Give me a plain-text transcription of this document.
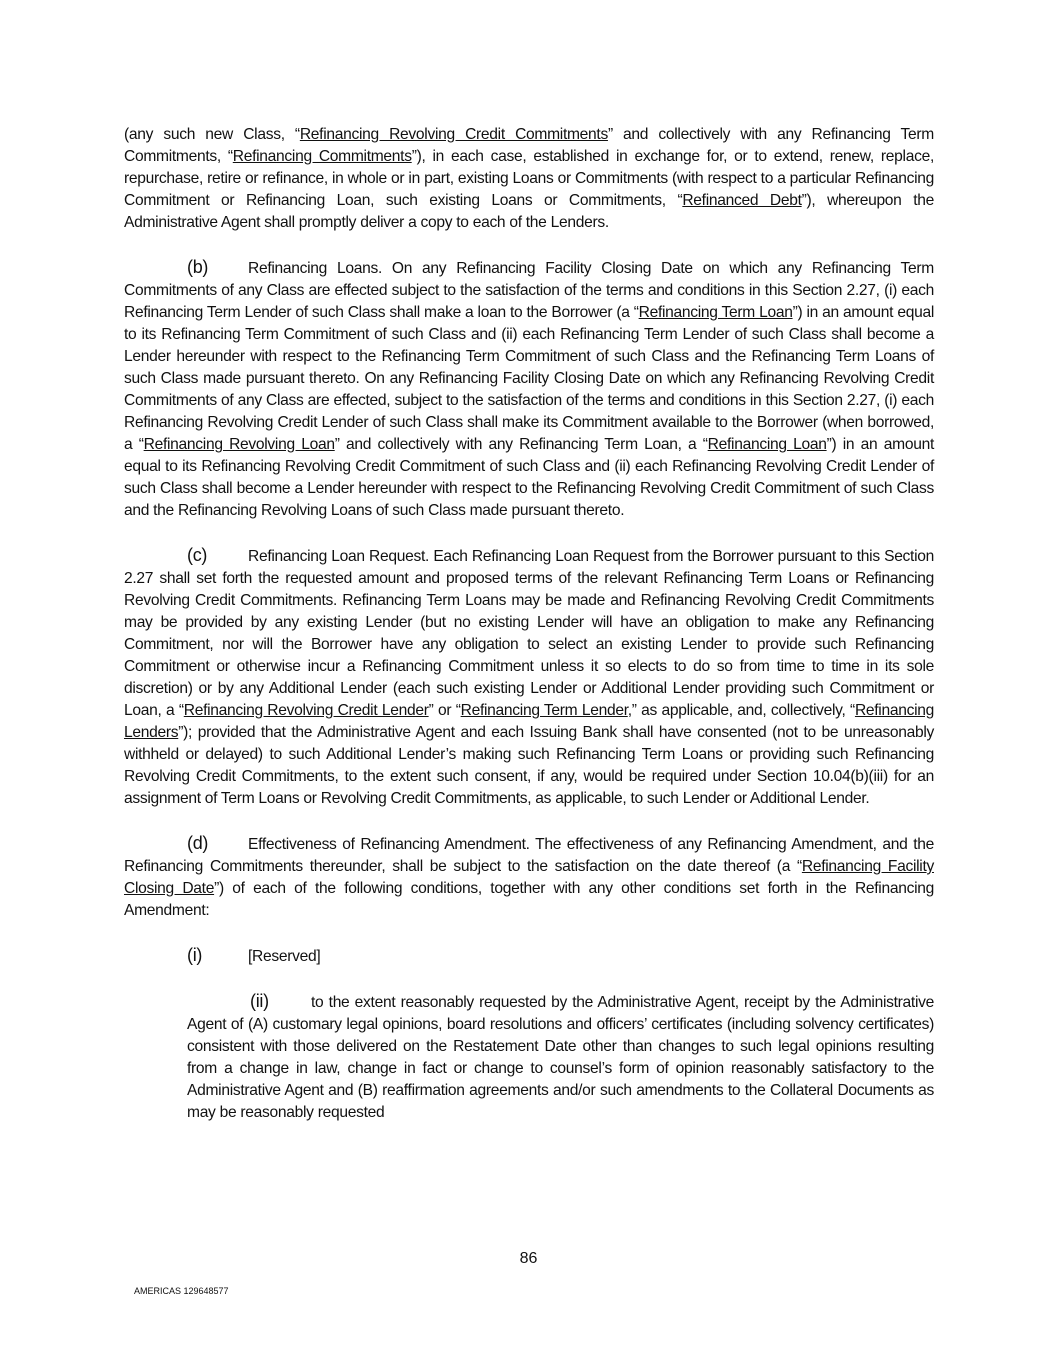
(any such new Class, “Refinancing Revolving Credit Commitments” and collectively with any Refinancing Term Commitments, “Refinancing Commitments”), in each case, established in exchange for, or to extend, renew, replace, repurchase, retire or refinance, in whole or in part, existing Loans or Commitments (with respect to a particular Refinancing Commitment or Refinancing Loan, such existing Loans or Commitments, “Refinanced Debt”), whereupon the Administrative Agent shall promptly deliver a copy to each of the Lenders.

(b)	Refinancing Loans. On any Refinancing Facility Closing Date on which any Refinancing Term Commitments of any Class are effected subject to the satisfaction of the terms and conditions in this Section 2.27, (i) each Refinancing Term Lender of such Class shall make a loan to the Borrower (a “Refinancing Term Loan”) in an amount equal to its Refinancing Term Commitment of such Class and (ii) each Refinancing Term Lender of such Class shall become a Lender hereunder with respect to the Refinancing Term Commitment of such Class and the Refinancing Term Loans of such Class made pursuant thereto. On any Refinancing Facility Closing Date on which any Refinancing Revolving Credit Commitments of any Class are effected, subject to the satisfaction of the terms and conditions in this Section 2.27, (i) each Refinancing Revolving Credit Lender of such Class shall make its Commitment available to the Borrower (when borrowed, a “Refinancing Revolving Loan” and collectively with any Refinancing Term Loan, a “Refinancing Loan”) in an amount equal to its Refinancing Revolving Credit Commitment of such Class and (ii) each Refinancing Revolving Credit Lender of such Class shall become a Lender hereunder with respect to the Refinancing Revolving Credit Commitment of such Class and the Refinancing Revolving Loans of such Class made pursuant thereto.

(c)	Refinancing Loan Request. Each Refinancing Loan Request from the Borrower pursuant to this Section 2.27 shall set forth the requested amount and proposed terms of the relevant Refinancing Term Loans or Refinancing Revolving Credit Commitments. Refinancing Term Loans may be made and Refinancing Revolving Credit Commitments may be provided by any existing Lender (but no existing Lender will have an obligation to make any Refinancing Commitment, nor will the Borrower have any obligation to select an existing Lender to provide such Refinancing Commitment or otherwise incur a Refinancing Commitment unless it so elects to do so from time to time in its sole discretion) or by any Additional Lender (each such existing Lender or Additional Lender providing such Commitment or Loan, a “Refinancing Revolving Credit Lender” or “Refinancing Term Lender,” as applicable, and, collectively, “Refinancing Lenders”); provided that the Administrative Agent and each Issuing Bank shall have consented (not to be unreasonably withheld or delayed) to such Additional Lender’s making such Refinancing Term Loans or providing such Refinancing Revolving Credit Commitments, to the extent such consent, if any, would be required under Section 10.04(b)(iii) for an assignment of Term Loans or Revolving Credit Commitments, as applicable, to such Lender or Additional Lender.

(d)	Effectiveness of Refinancing Amendment. The effectiveness of any Refinancing Amendment, and the Refinancing Commitments thereunder, shall be subject to the satisfaction on the date thereof (a “Refinancing Facility Closing Date”) of each of the following conditions, together with any other conditions set forth in the Refinancing Amendment:

(i)	[Reserved]

(ii)	to the extent reasonably requested by the Administrative Agent, receipt by the Administrative Agent of (A) customary legal opinions, board resolutions and officers’ certificates (including solvency certificates) consistent with those delivered on the Restatement Date other than changes to such legal opinions resulting from a change in law, change in fact or change to counsel’s form of opinion reasonably satisfactory to the Administrative Agent and (B) reaffirmation agreements and/or such amendments to the Collateral Documents as may be reasonably requested

86
AMERICAS 129648577
